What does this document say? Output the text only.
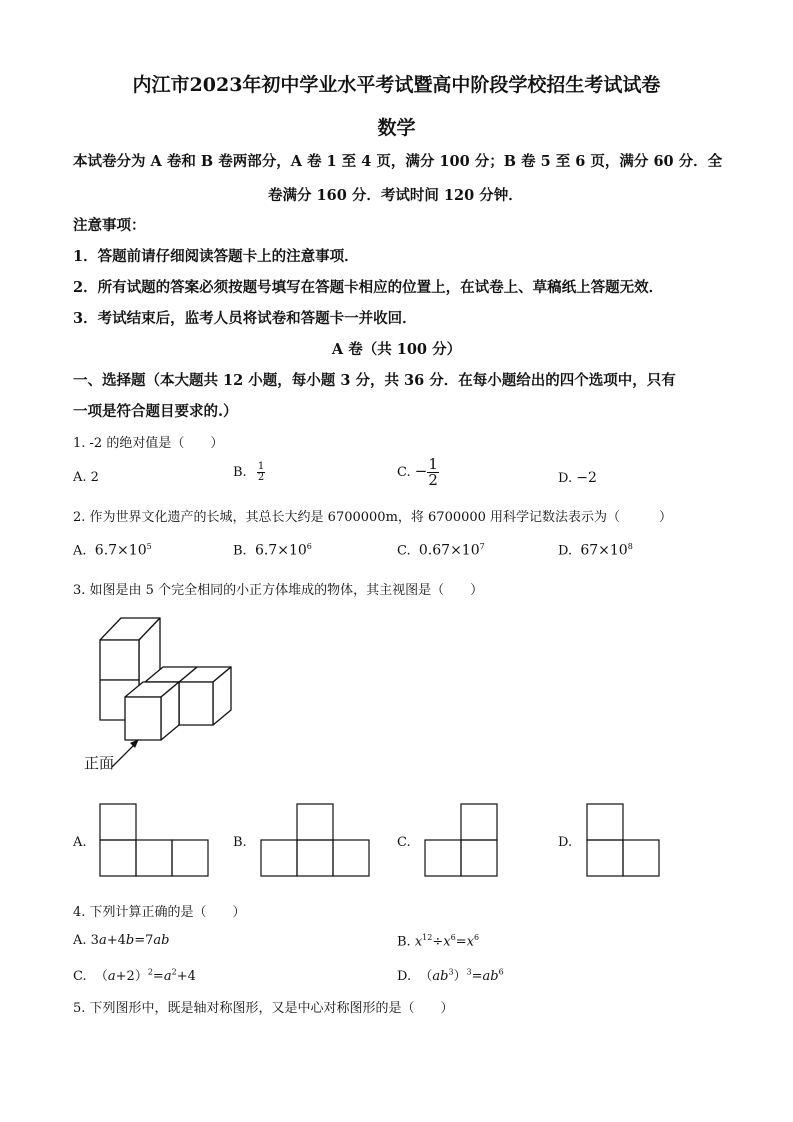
内江市2023年初中学业水平考试暨高中阶段学校招生考试试卷
数学
本试卷分为 A 卷和 B 卷两部分，A 卷 1 至 4 页，满分 100 分；B 卷 5 至 6 页，满分 60 分．全
卷满分 160 分．考试时间 120 分钟．
注意事项：
1．答题前请仔细阅读答题卡上的注意事项．
2．所有试题的答案必须按题号填写在答题卡相应的位置上，在试卷上、草稿纸上答题无效．
3．考试结束后，监考人员将试卷和答题卡一并收回．
A 卷（共 100 分）
一、选择题（本大题共 12 小题，每小题 3 分，共 36 分．在每小题给出的四个选项中，只有
一项是符合题目要求的.）
1. -2 的绝对值是（　　）
A. 2	B. $\frac{1}{2}$	C. − $\frac{1}{2}$	D. −2
2. 作为世界文化遗产的长城，其总长大约是 6700000m，将 6700000 用科学记数法表示为（　　　）
A. $6.7\times 10^5$	B. $6.7\times 10^6$	C. $0.67\times 10^7$	D. $67\times 10^8$
3. 如图是由 5 个完全相同的小正方体堆成的物体，其主视图是（　　）
正面
A.	B.	C.	D.
4. 下列计算正确的是（　　）
A. 3a+4b=7ab	B. $x^{12}\div x^6=x^6$
C.  $(a+2)^2=a^2+4$	D.  $(ab^3)^3=ab^6$
5. 下列图形中，既是轴对称图形，又是中心对称图形的是（　　）
